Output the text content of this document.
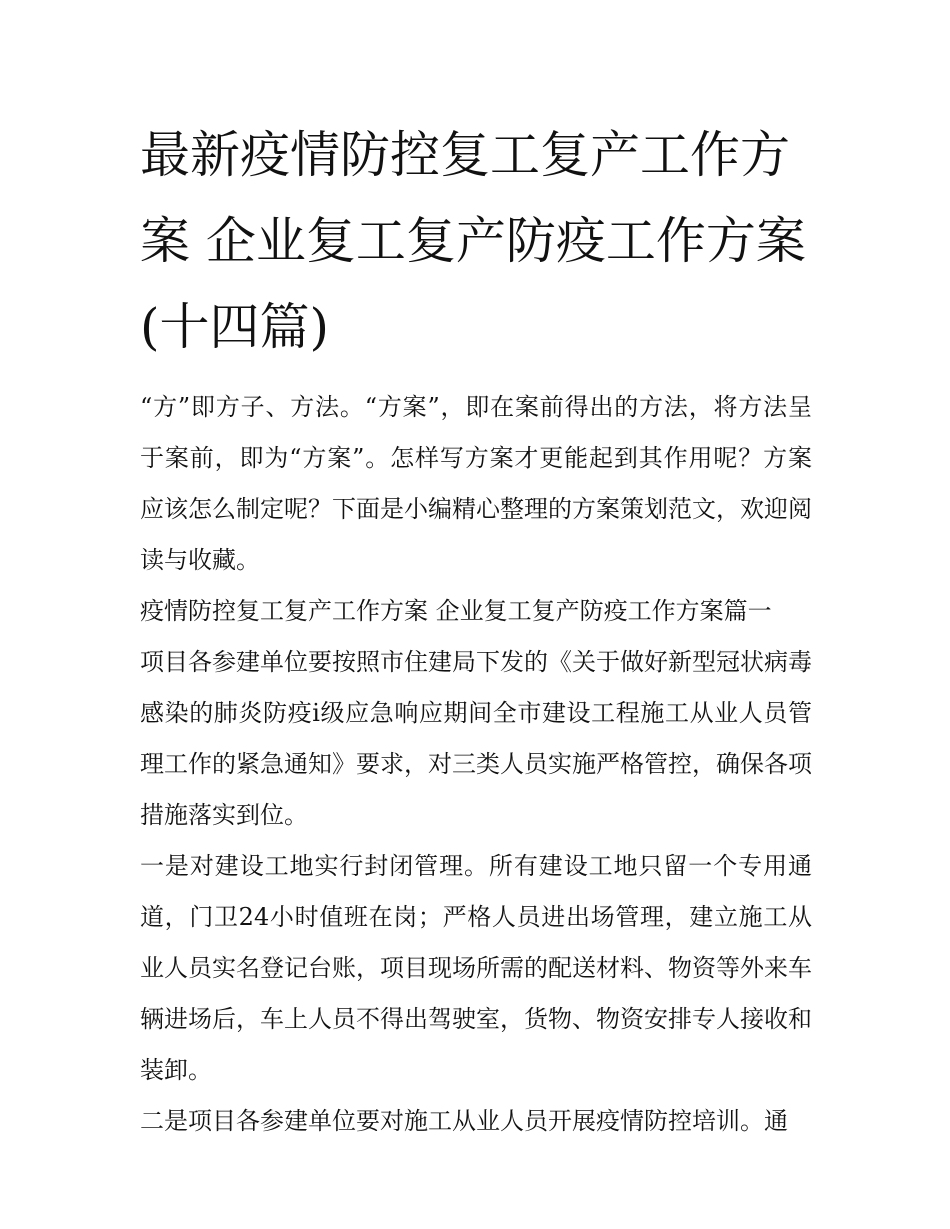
最新疫情防控复工复产工作方案 企业复工复产防疫工作方案(十四篇)

“方”即方子、方法。“方案”，即在案前得出的方法，将方法呈于案前，即为“方案”。怎样写方案才更能起到其作用呢？方案应该怎么制定呢？下面是小编精心整理的方案策划范文，欢迎阅读与收藏。

疫情防控复工复产工作方案 企业复工复产防疫工作方案篇一

项目各参建单位要按照市住建局下发的《关于做好新型冠状病毒感染的肺炎防疫ⅰ级应急响应期间全市建设工程施工从业人员管理工作的紧急通知》要求，对三类人员实施严格管控，确保各项措施落实到位。

一是对建设工地实行封闭管理。所有建设工地只留一个专用通道，门卫24小时值班在岗；严格人员进出场管理，建立施工从业人员实名登记台账，项目现场所需的配送材料、物资等外来车辆进场后，车上人员不得出驾驶室，货物、物资安排专人接收和装卸。

二是项目各参建单位要对施工从业人员开展疫情防控培训。通
